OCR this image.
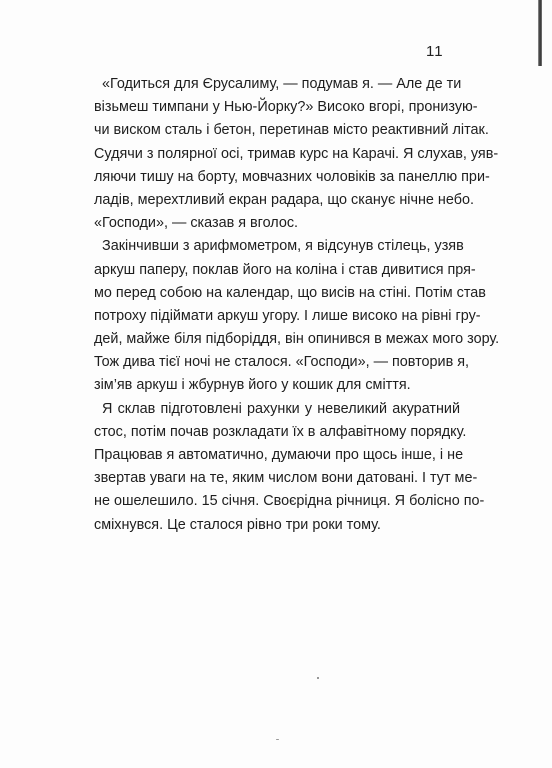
11
«Годиться для Єрусалиму, — подумав я. — Але де ти
візьмеш тимпани у Нью-Йорку?» Високо вгорі, пронизую-
чи виском сталь і бетон, перетинав місто реактивний літак.
Судячи з полярної осі, тримав курс на Карачі. Я слухав, уяв-
ляючи тишу на борту, мовчазних чоловіків за панеллю при-
ладів, мерехтливий екран радара, що сканує нічне небо.
«Господи», — сказав я вголос.
Закінчивши з арифмометром, я відсунув стілець, узяв
аркуш паперу, поклав його на коліна і став дивитися пря-
мо перед собою на календар, що висів на стіні. Потім став
потроху підіймати аркуш угору. І лише високо на рівні гру-
дей, майже біля підборіддя, він опинився в межах мого зору.
Тож дива тієї ночі не сталося. «Господи», — повторив я,
зім’яв аркуш і жбурнув його у кошик для сміття.
Я склав підготовлені рахунки у невеликий акуратний
стос, потім почав розкладати їх в алфавітному порядку.
Працював я автоматично, думаючи про щось інше, і не
звертав уваги на те, яким числом вони датовані. І тут ме-
не ошелешило. 15 січня. Своєрідна річниця. Я болісно по-
сміхнувся. Це сталося рівно три роки тому.
